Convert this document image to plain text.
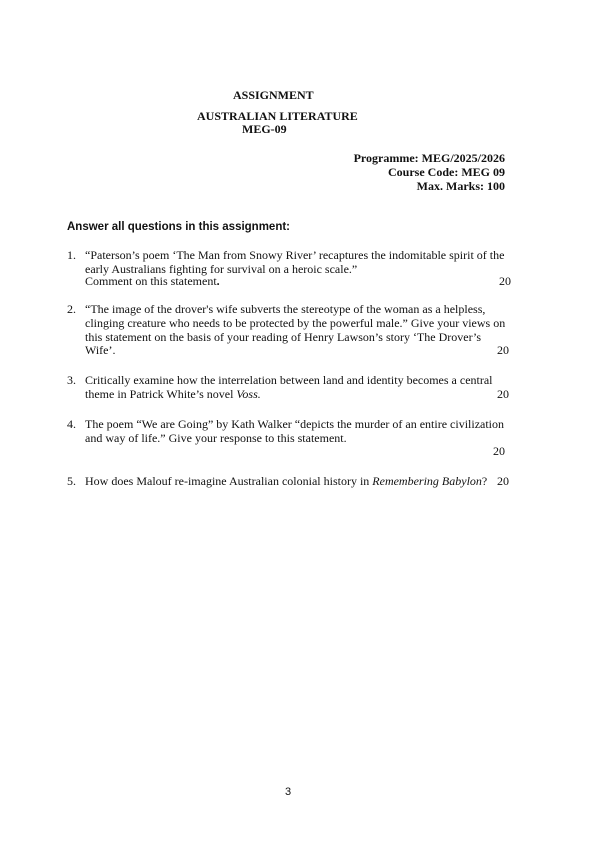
ASSIGNMENT
AUSTRALIAN LITERATURE
MEG-09
Programme: MEG/2025/2026
Course Code: MEG 09
Max. Marks: 100
Answer all questions in this assignment:
1. “Paterson’s poem ‘The Man from Snowy River’ recaptures the indomitable spirit of the
early Australians fighting for survival on a heroic scale.”
Comment on this statement.	20
2. “The image of the drover's wife subverts the stereotype of the woman as a helpless,
clinging creature who needs to be protected by the powerful male.” Give your views on
this statement on the basis of your reading of Henry Lawson’s story ‘The Drover’s
Wife’.	20
3. Critically examine how the interrelation between land and identity becomes a central
theme in Patrick White’s novel Voss.	20
4. The poem “We are Going” by Kath Walker “depicts the murder of an entire civilization
and way of life.” Give your response to this statement.
20
5. How does Malouf re-imagine Australian colonial history in Remembering Babylon? 20
3
